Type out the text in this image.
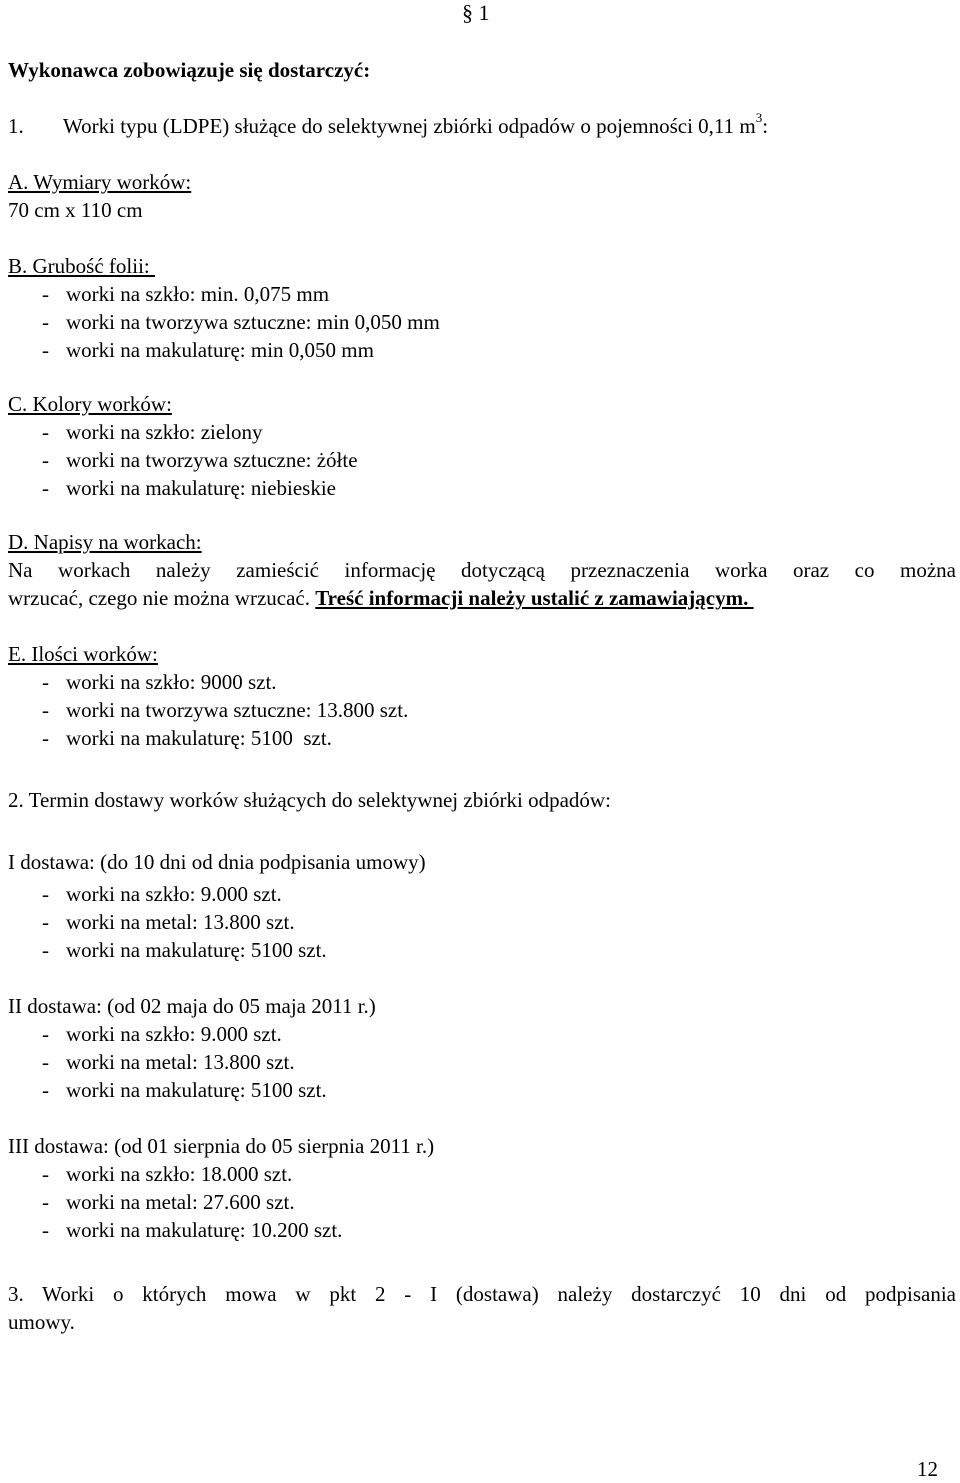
§ 1
Wykonawca zobowiązuje się dostarczyć:
1. Worki typu (LDPE) służące do selektywnej zbiórki odpadów o pojemności 0,11 $m^3$:
A. Wymiary worków:
70 cm x 110 cm
B. Grubość folii:
- worki na szkło: min. 0,075 mm
- worki na tworzywa sztuczne: min 0,050 mm
- worki na makulaturę: min 0,050 mm
C. Kolory worków:
- worki na szkło: zielony
- worki na tworzywa sztuczne: żółte
- worki na makulaturę: niebieskie
D. Napisy na workach:
Na workach należy zamieścić informację dotyczącą przeznaczenia worka oraz co można
wrzucać, czego nie można wrzucać. Treść informacji należy ustalić z zamawiającym.
E. Ilości worków:
- worki na szkło: 9000 szt.
- worki na tworzywa sztuczne: 13.800 szt.
- worki na makulaturę: 5100  szt.
2. Termin dostawy worków służących do selektywnej zbiórki odpadów:
I dostawa: (do 10 dni od dnia podpisania umowy)
- worki na szkło: 9.000 szt.
- worki na metal: 13.800 szt.
- worki na makulaturę: 5100 szt.
II dostawa: (od 02 maja do 05 maja 2011 r.)
- worki na szkło: 9.000 szt.
- worki na metal: 13.800 szt.
- worki na makulaturę: 5100 szt.
III dostawa: (od 01 sierpnia do 05 sierpnia 2011 r.)
- worki na szkło: 18.000 szt.
- worki na metal: 27.600 szt.
- worki na makulaturę: 10.200 szt.
3. Worki o których mowa w pkt 2 - I (dostawa) należy dostarczyć 10 dni od podpisania
umowy.
12
